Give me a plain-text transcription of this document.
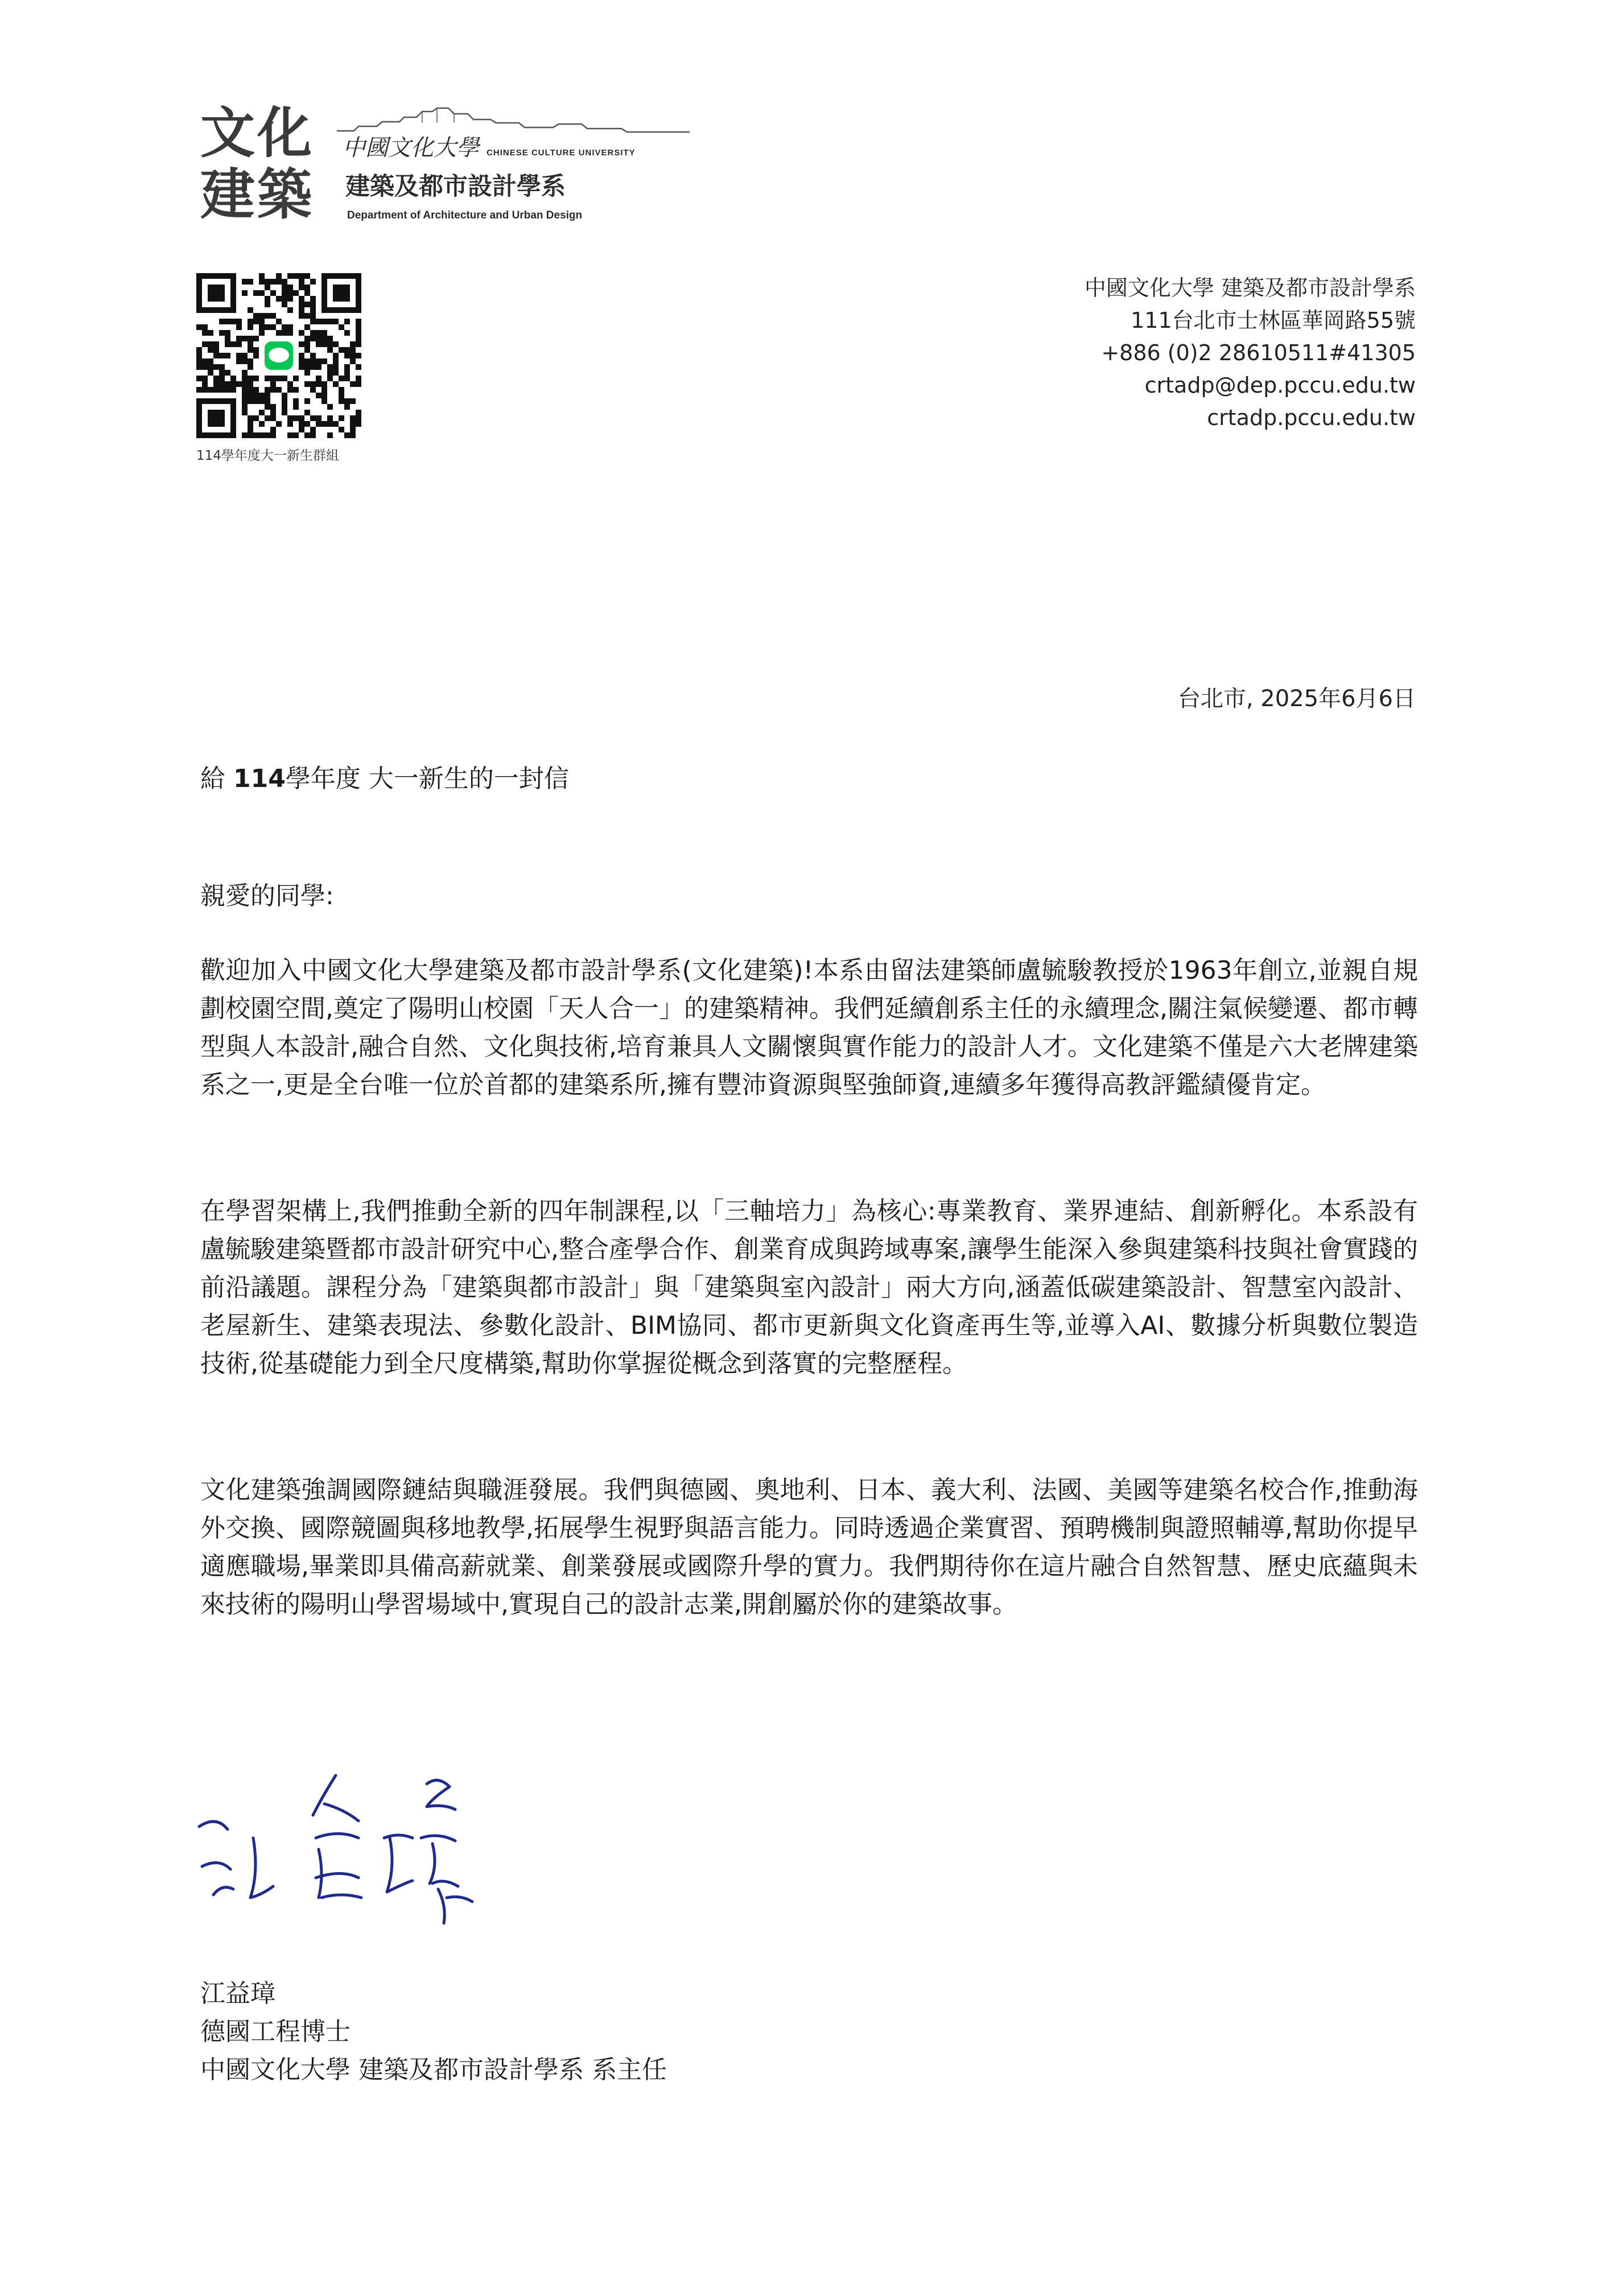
文化
建築
中國文化大學 CHINESE CULTURE UNIVERSITY
建築及都市設計學系
Department of Architecture and Urban Design
114學年度大一新生群組
中國文化大學 建築及都市設計學系
111台北市士林區華岡路55號
+886 (0)2 28610511#41305
crtadp@dep.pccu.edu.tw
crtadp.pccu.edu.tw
台北市, 2025年6月6日
給 114學年度 大一新生的一封信
親愛的同學:
歡迎加入中國文化大學建築及都市設計學系(文化建築)!本系由留法建築師盧毓駿教授於1963年創立,並親自規劃校園空間,奠定了陽明山校園「天人合一」的建築精神。我們延續創系主任的永續理念,關注氣候變遷、都市轉型與人本設計,融合自然、文化與技術,培育兼具人文關懷與實作能力的設計人才。文化建築不僅是六大老牌建築系之一,更是全台唯一位於首都的建築系所,擁有豐沛資源與堅強師資,連續多年獲得高教評鑑績優肯定。
在學習架構上,我們推動全新的四年制課程,以「三軸培力」為核心:專業教育、業界連結、創新孵化。本系設有盧毓駿建築暨都市設計研究中心,整合產學合作、創業育成與跨域專案,讓學生能深入參與建築科技與社會實踐的前沿議題。課程分為「建築與都市設計」與「建築與室內設計」兩大方向,涵蓋低碳建築設計、智慧室內設計、老屋新生、建築表現法、參數化設計、BIM協同、都市更新與文化資產再生等,並導入AI、數據分析與數位製造技術,從基礎能力到全尺度構築,幫助你掌握從概念到落實的完整歷程。
文化建築強調國際鏈結與職涯發展。我們與德國、奧地利、日本、義大利、法國、美國等建築名校合作,推動海外交換、國際競圖與移地教學,拓展學生視野與語言能力。同時透過企業實習、預聘機制與證照輔導,幫助你提早適應職場,畢業即具備高薪就業、創業發展或國際升學的實力。我們期待你在這片融合自然智慧、歷史底蘊與未來技術的陽明山學習場域中,實現自己的設計志業,開創屬於你的建築故事。
江益璋
德國工程博士
中國文化大學 建築及都市設計學系 系主任
